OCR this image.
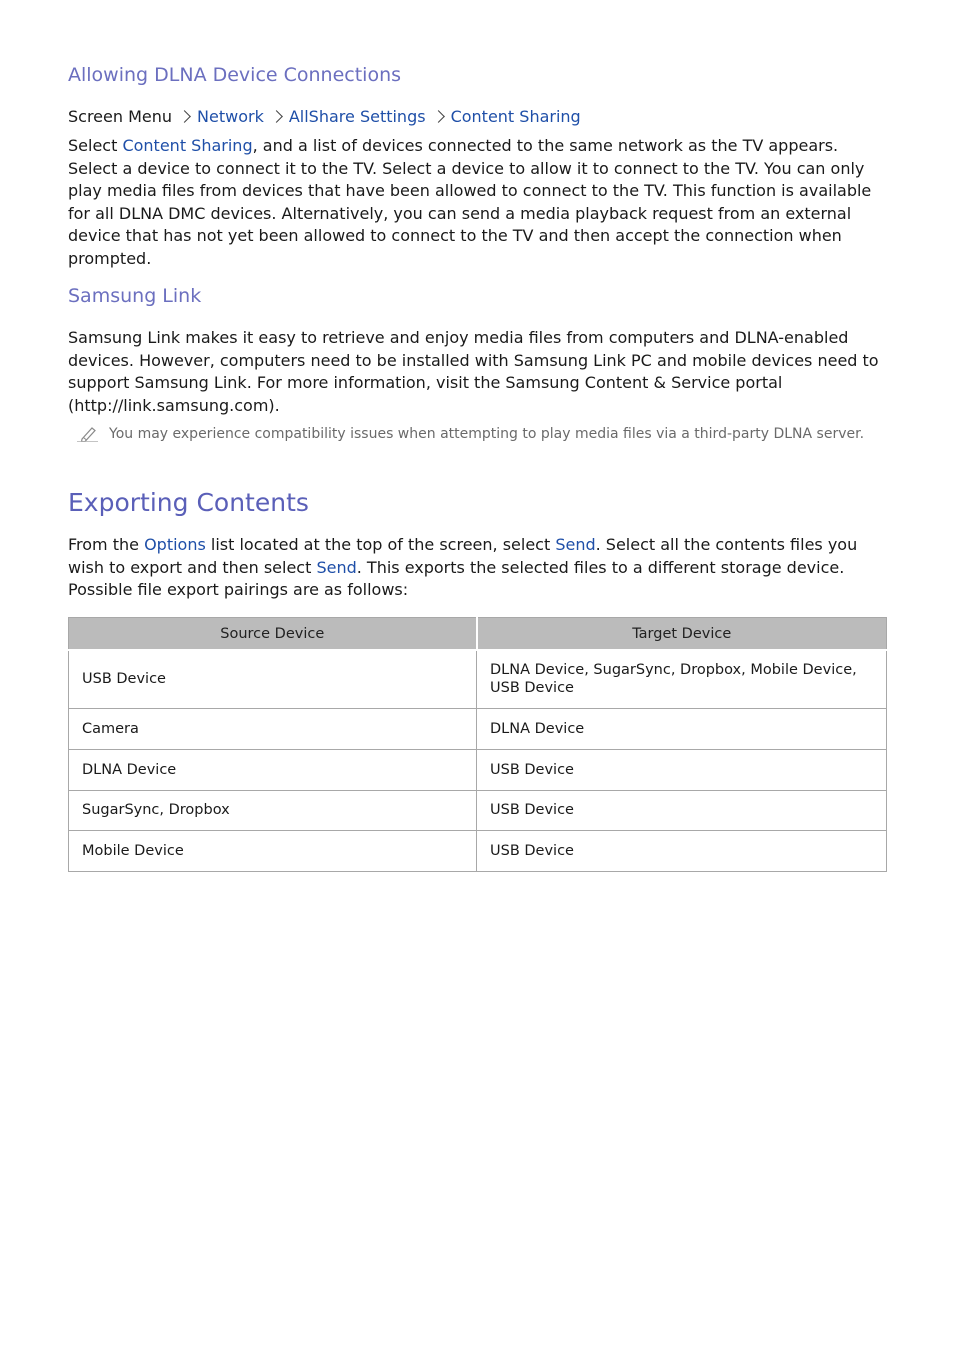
Allowing DLNA Device Connections
Screen Menu Network AllShare Settings Content Sharing

Select Content Sharing, and a list of devices connected to the same network as the TV appears. Select a device to connect it to the TV. Select a device to allow it to connect to the TV. You can only play media files from devices that have been allowed to connect to the TV. This function is available for all DLNA DMC devices. Alternatively, you can send a media playback request from an external device that has not yet been allowed to connect to the TV and then accept the connection when prompted.

Samsung Link

Samsung Link makes it easy to retrieve and enjoy media files from computers and DLNA-enabled devices. However, computers need to be installed with Samsung Link PC and mobile devices need to support Samsung Link. For more information, visit the Samsung Content & Service portal (http://link.samsung.com).

You may experience compatibility issues when attempting to play media files via a third-party DLNA server.
Exporting Contents

From the Options list located at the top of the screen, select Send. Select all the contents files you wish to export and then select Send. This exports the selected files to a different storage device. Possible file export pairings are as follows:

Source Device	Target Device
USB Device	DLNA Device, SugarSync, Dropbox, Mobile Device, USB Device
Camera	DLNA Device
DLNA Device	USB Device
SugarSync, Dropbox	USB Device
Mobile Device	USB Device
